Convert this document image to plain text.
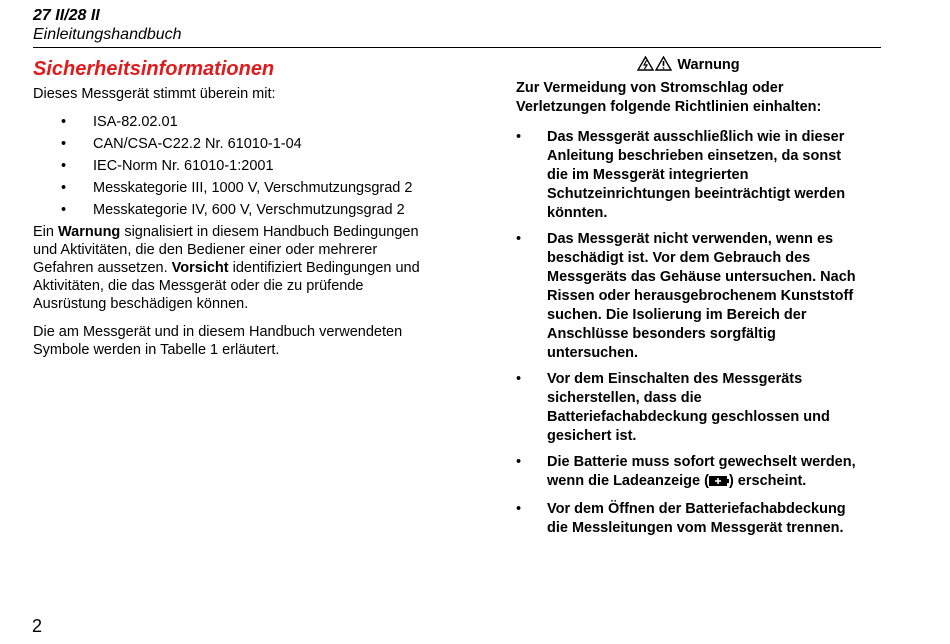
27 II/28 II
Einleitungshandbuch
Sicherheitsinformationen

Dieses Messgerät stimmt überein mit:

• ISA-82.02.01
• CAN/CSA-C22.2 Nr. 61010-1-04
• IEC-Norm Nr. 61010-1:2001
• Messkategorie III, 1000 V, Verschmutzungsgrad 2
• Messkategorie IV, 600 V, Verschmutzungsgrad 2

Ein Warnung signalisiert in diesem Handbuch Bedingungen und Aktivitäten, die den Bediener einer oder mehrerer Gefahren aussetzen. Vorsicht identifiziert Bedingungen und Aktivitäten, die das Messgerät oder die zu prüfende Ausrüstung beschädigen können.

Die am Messgerät und in diesem Handbuch verwendeten Symbole werden in Tabelle 1 erläutert.

Warnung
Zur Vermeidung von Stromschlag oder Verletzungen folgende Richtlinien einhalten:
• Das Messgerät ausschließlich wie in dieser Anleitung beschrieben einsetzen, da sonst die im Messgerät integrierten Schutzeinrichtungen beeinträchtigt werden könnten.
• Das Messgerät nicht verwenden, wenn es beschädigt ist. Vor dem Gebrauch des Messgeräts das Gehäuse untersuchen. Nach Rissen oder herausgebrochenem Kunststoff suchen. Die Isolierung im Bereich der Anschlüsse besonders sorgfältig untersuchen.
• Vor dem Einschalten des Messgeräts sicherstellen, dass die Batteriefachabdeckung geschlossen und gesichert ist.
• Die Batterie muss sofort gewechselt werden, wenn die Ladeanzeige ( ) erscheint.
• Vor dem Öffnen der Batteriefachabdeckung die Messleitungen vom Messgerät trennen.
2
